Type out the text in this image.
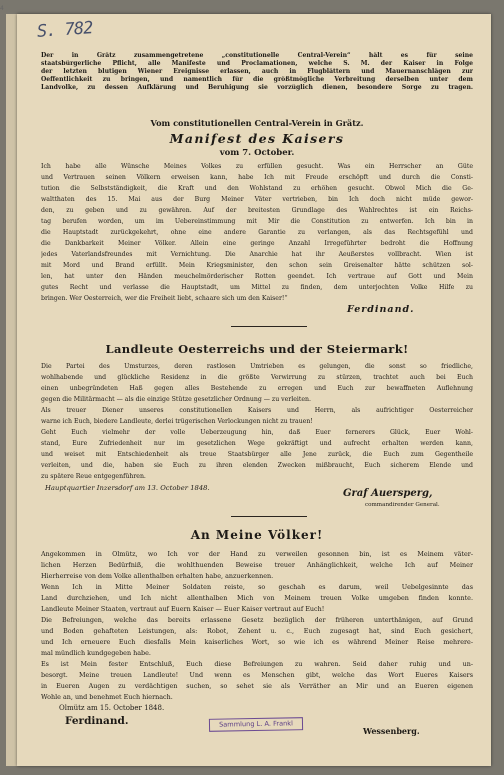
4
S. 782
Der in Grätz zusammengetretene „constitutionelle Central-Verein“ hält es für seine
staatsbürgerliche Pflicht, alle Manifeste und Proclamationen, welche S. M. der Kaiser in Folge
der letzten blutigen Wiener Ereignisse erlassen, auch in Flugblättern und Mauernanschlägen zur
Oeffentlichkeit zu bringen, und namentlich für die größtmögliche Verbreitung derselben unter dem
Landvolke, zu dessen Aufklärung und Beruhigung sie vorzüglich dienen, besondere Sorge zu tragen.
Vom constitutionellen Central-Verein in Grätz.
Manifest des Kaisers
vom 7. October.
Ich habe alle Wünsche Meines Volkes zu erfüllen gesucht. Was ein Herrscher an Güte
und Vertrauen seinen Völkern erweisen kann, habe Ich mit Freude erschöpft und durch die Consti-
tution die Selbstständigkeit, die Kraft und den Wohlstand zu erhöhen gesucht. Obwol Mich die Ge-
waltthaten des 15. Mai aus der Burg Meiner Väter vertrieben, bin Ich doch nicht müde gewor-
den, zu geben und zu gewähren. Auf der breitesten Grundlage des Wahlrechtes ist ein Reichs-
tag berufen worden, um im Uebereinstimmung mit Mir die Constitution zu entwerfen. Ich bin in
die Hauptstadt zurückgekehrt, ohne eine andere Garantie zu verlangen, als das Rechtsgefühl und
die Dankbarkeit Meiner Völker. Allein eine geringe Anzahl Irregeführter bedroht die Hoffnung
jedes Vaterlandsfreundes mit Vernichtung. Die Anarchie hat ihr Aeußerstes vollbracht. Wien ist
mit Mord und Brand erfüllt. Mein Kriegsminister, den schon sein Greisenalter hätte schützen sol-
len, hat unter den Händen meuchelmörderischer Rotten geendet. Ich vertraue auf Gott und Mein
gutes Recht und verlasse die Hauptstadt, um Mittel zu finden, dem unterjochten Volke Hilfe zu
bringen. Wer Oesterreich, wer die Freiheit liebt, schaare sich um den Kaiser!“
Ferdinand.
Landleute Oesterreichs und der Steiermark!
Die Partei des Umsturzes, deren rastlosen Umtrieben es gelungen, die sonst so friedliche,
wohlhabende und glückliche Residenz in die größte Verwirrung zu stürzen, trachtet auch bei Euch
einen unbegründeten Haß gegen alles Bestehende zu erregen und Euch zur bewaffneten Auflehnung
gegen die Militärmacht — als die einzige Stütze gesetzlicher Ordnung — zu verleiten.
Als treuer Diener unseres constitutionellen Kaisers und Herrn, als aufrichtiger Oesterreicher
warne ich Euch, biedere Landleute, derlei trügerischen Verlockungen nicht zu trauen!
Geht Euch vielmehr der volle Ueberzeugung hin, daß Euer fernerers Glück, Euer Wohl-
stand, Eure Zufriedenheit nur im gesetzlichen Wege gekräftigt und aufrecht erhalten werden kann,
und weiset mit Entschiedenheit als treue Staatsbürger alle Jene zurück, die Euch zum Gegentheile
verleiten, und die, haben sie Euch zu ihren elenden Zwecken mißbraucht, Euch sicherem Elende und
zu spätere Reue entgegenführen.
Hauptquartier Inzersdorf am 13. October 1848.	Graf Auersperg,
commandirender General.
An Meine Völker!
Angekommen in Olmütz, wo Ich vor der Hand zu verweilen gesonnen bin, ist es Meinem väter-
lichen Herzen Bedürfniß, die wohlthuenden Beweise treuer Anhänglichkeit, welche Ich auf Meiner
Hierherreise von dem Volke allenthalben erhalten habe, anzuerkennen.
Wenn Ich in Mitte Meiner Soldaten reiste, so geschah es darum, weil Uebelgesinnte das
Land durchziehen, und Ich nicht allenthalben Mich von Meinem treuen Volke umgeben finden konnte.
Landleute Meiner Staaten, vertraut auf Euern Kaiser — Euer Kaiser vertraut auf Euch!
Die Befreiungen, welche das bereits erlassene Gesetz bezüglich der früheren unterthänigen, auf Grund
und Boden gehafteten Leistungen, als: Robot, Zehent u. c., Euch zugesagt hat, sind Euch gesichert,
und Ich erneuere Euch diesfalls Mein kaiserliches Wort, so wie ich es während Meiner Reise mehrere-
mal mündlich kundgegeben habe.
Es ist Mein fester Entschluß, Euch diese Befreiungen zu wahren. Seid daher ruhig und un-
besorgt. Meine treuen Landleute! Und wenn es Menschen gibt, welche das Wort Eueres Kaisers
in Eueren Augen zu verdächtigen suchen, so sehet sie als Verräther an Mir und an Eueren eigenen
Wohle an, und benehmet Euch hiernach.
Olmütz am 15. October 1848.
Ferdinand.	Sammlung L. A. Frankl
Wessenberg.
